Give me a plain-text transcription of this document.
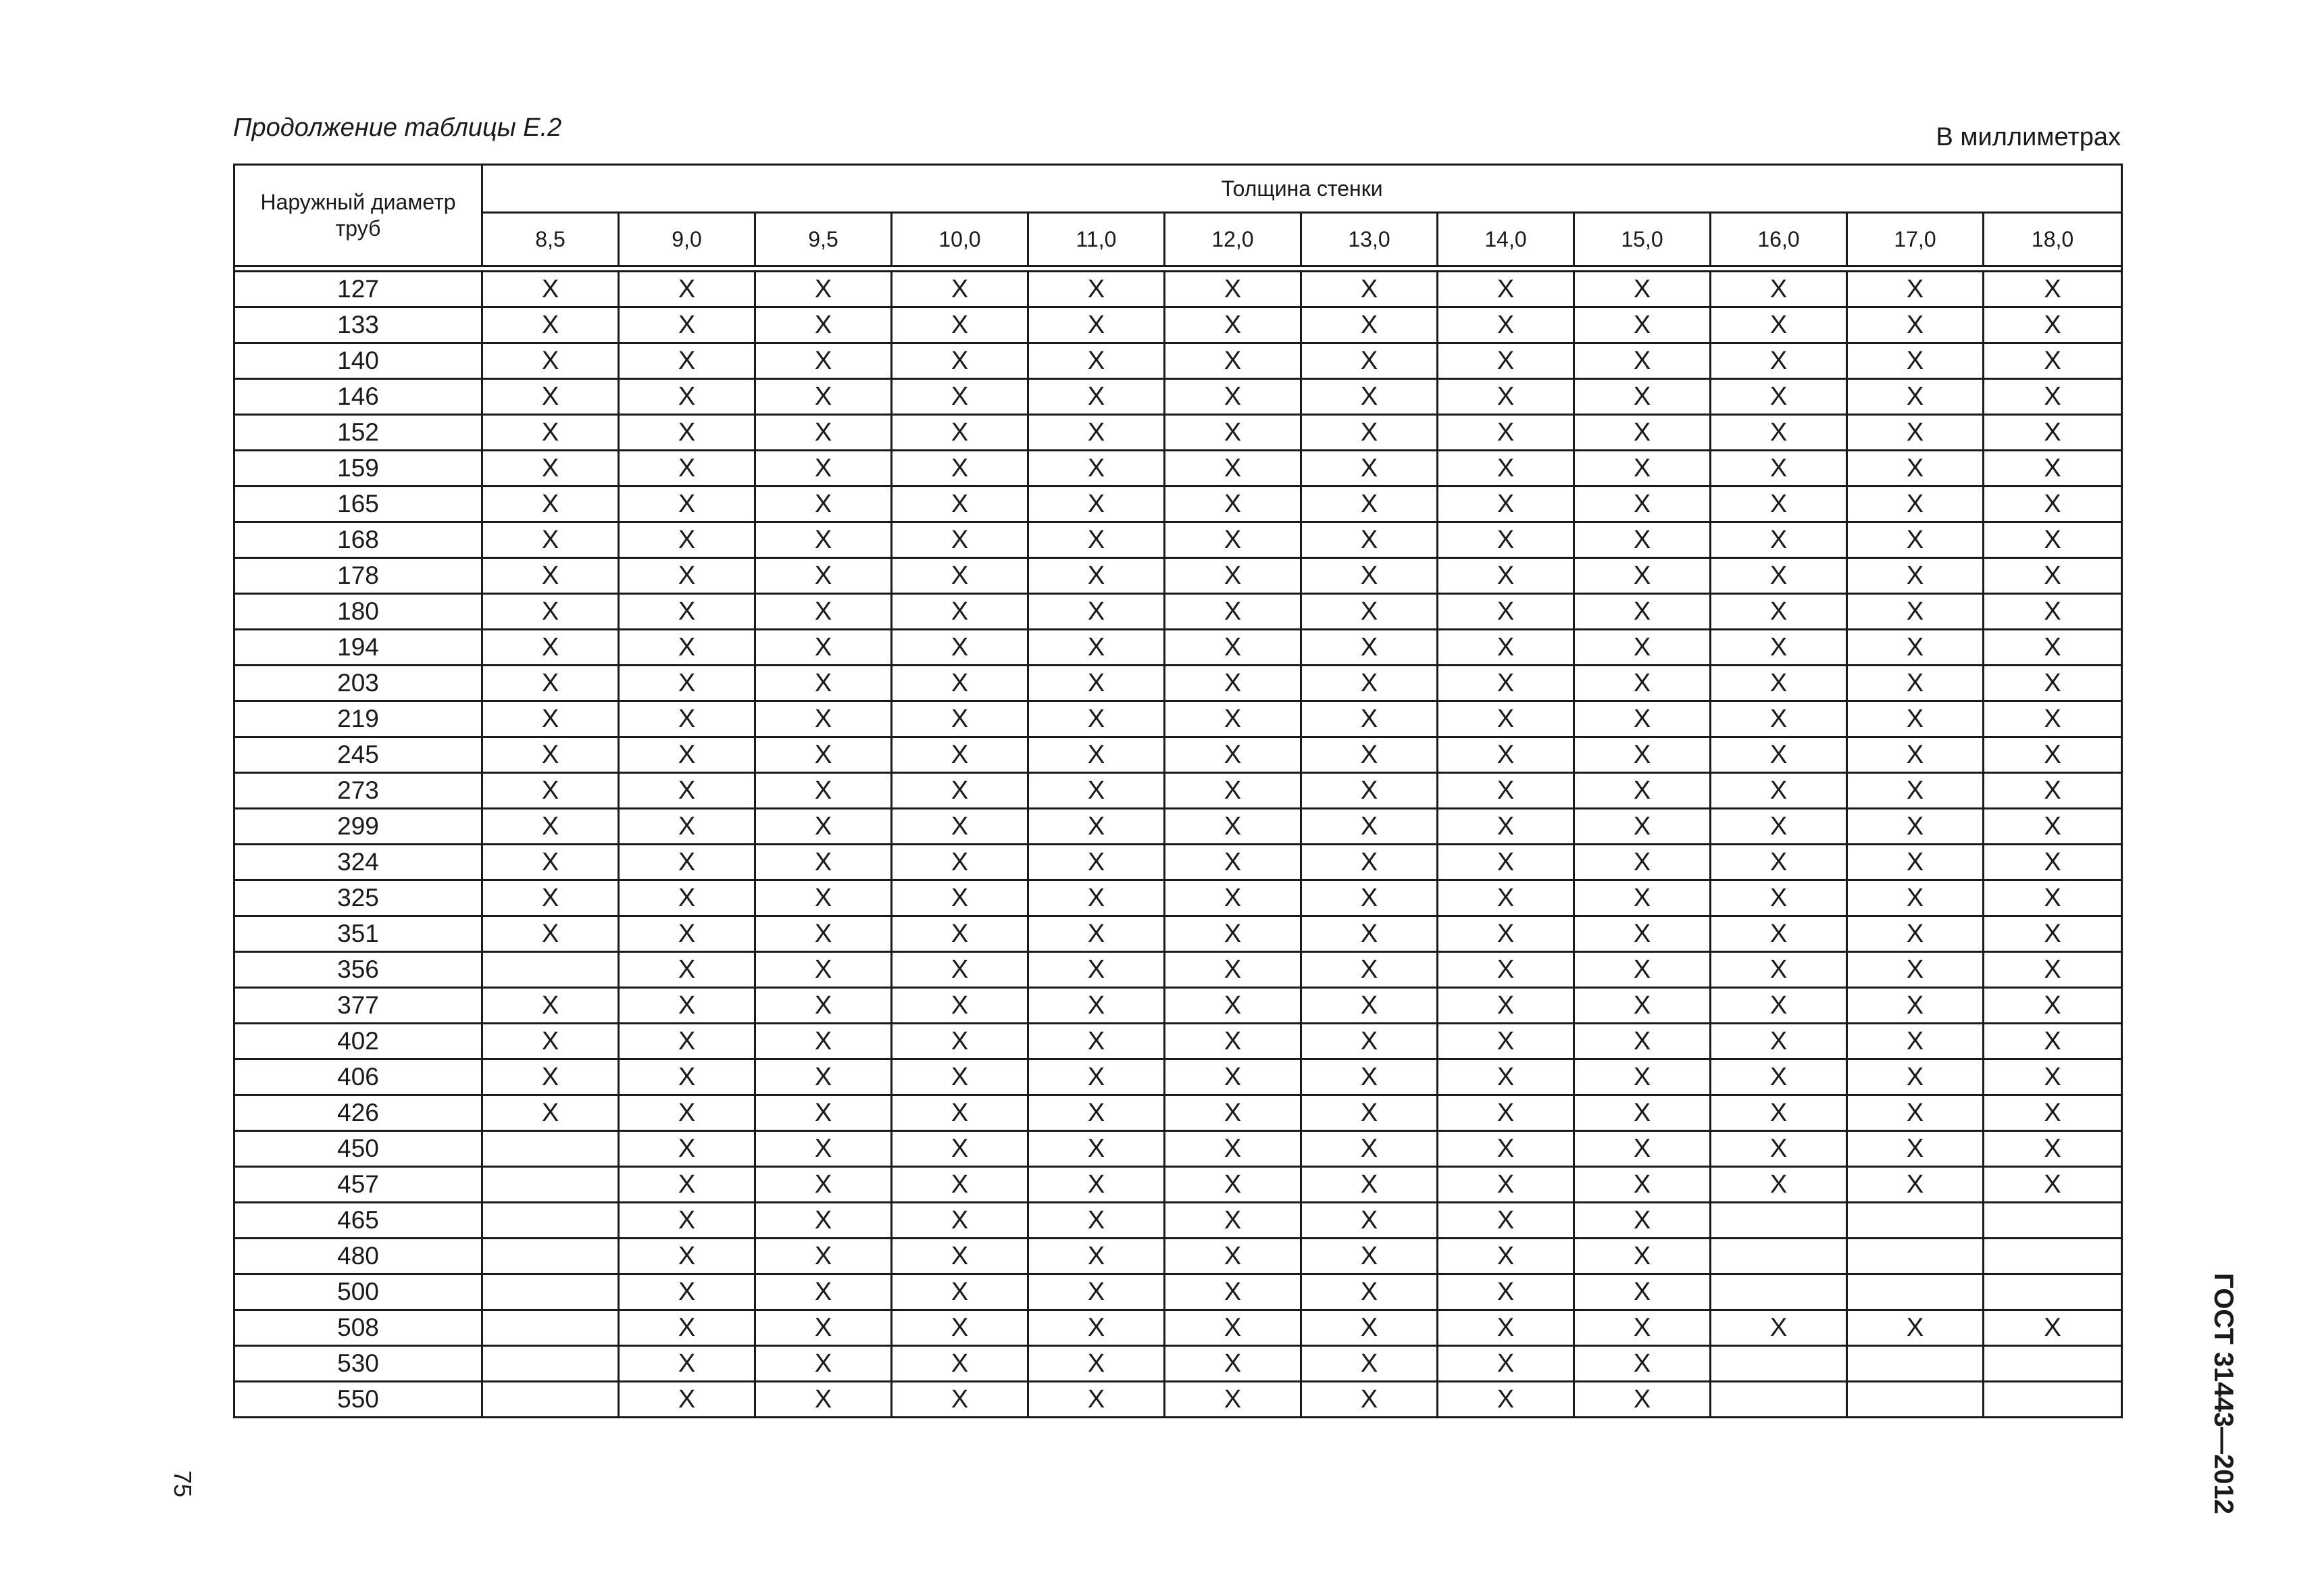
Продолжение таблицы Е.2	В миллиметрах
Наружный диаметр труб	Толщина стенки											
	8,5	9,0	9,5	10,0	11,0	12,0	13,0	14,0	15,0	16,0	17,0	18,0

127	X	X	X	X	X	X	X	X	X	X	X	X
133	X	X	X	X	X	X	X	X	X	X	X	X
140	X	X	X	X	X	X	X	X	X	X	X	X
146	X	X	X	X	X	X	X	X	X	X	X	X
152	X	X	X	X	X	X	X	X	X	X	X	X
159	X	X	X	X	X	X	X	X	X	X	X	X
165	X	X	X	X	X	X	X	X	X	X	X	X
168	X	X	X	X	X	X	X	X	X	X	X	X
178	X	X	X	X	X	X	X	X	X	X	X	X
180	X	X	X	X	X	X	X	X	X	X	X	X
194	X	X	X	X	X	X	X	X	X	X	X	X
203	X	X	X	X	X	X	X	X	X	X	X	X
219	X	X	X	X	X	X	X	X	X	X	X	X
245	X	X	X	X	X	X	X	X	X	X	X	X
273	X	X	X	X	X	X	X	X	X	X	X	X
299	X	X	X	X	X	X	X	X	X	X	X	X
324	X	X	X	X	X	X	X	X	X	X	X	X
325	X	X	X	X	X	X	X	X	X	X	X	X
351	X	X	X	X	X	X	X	X	X	X	X	X
356		X	X	X	X	X	X	X	X	X	X	X
377	X	X	X	X	X	X	X	X	X	X	X	X
402	X	X	X	X	X	X	X	X	X	X	X	X
406	X	X	X	X	X	X	X	X	X	X	X	X
426	X	X	X	X	X	X	X	X	X	X	X	X
450		X	X	X	X	X	X	X	X	X	X	X
457		X	X	X	X	X	X	X	X	X	X	X
465		X	X	X	X	X	X	X	X			
480		X	X	X	X	X	X	X	X			
500		X	X	X	X	X	X	X	X			
508		X	X	X	X	X	X	X	X	X	X	X
530		X	X	X	X	X	X	X	X			
550		X	X	X	X	X	X	X	X			
75	ГОСТ 31443—2012
